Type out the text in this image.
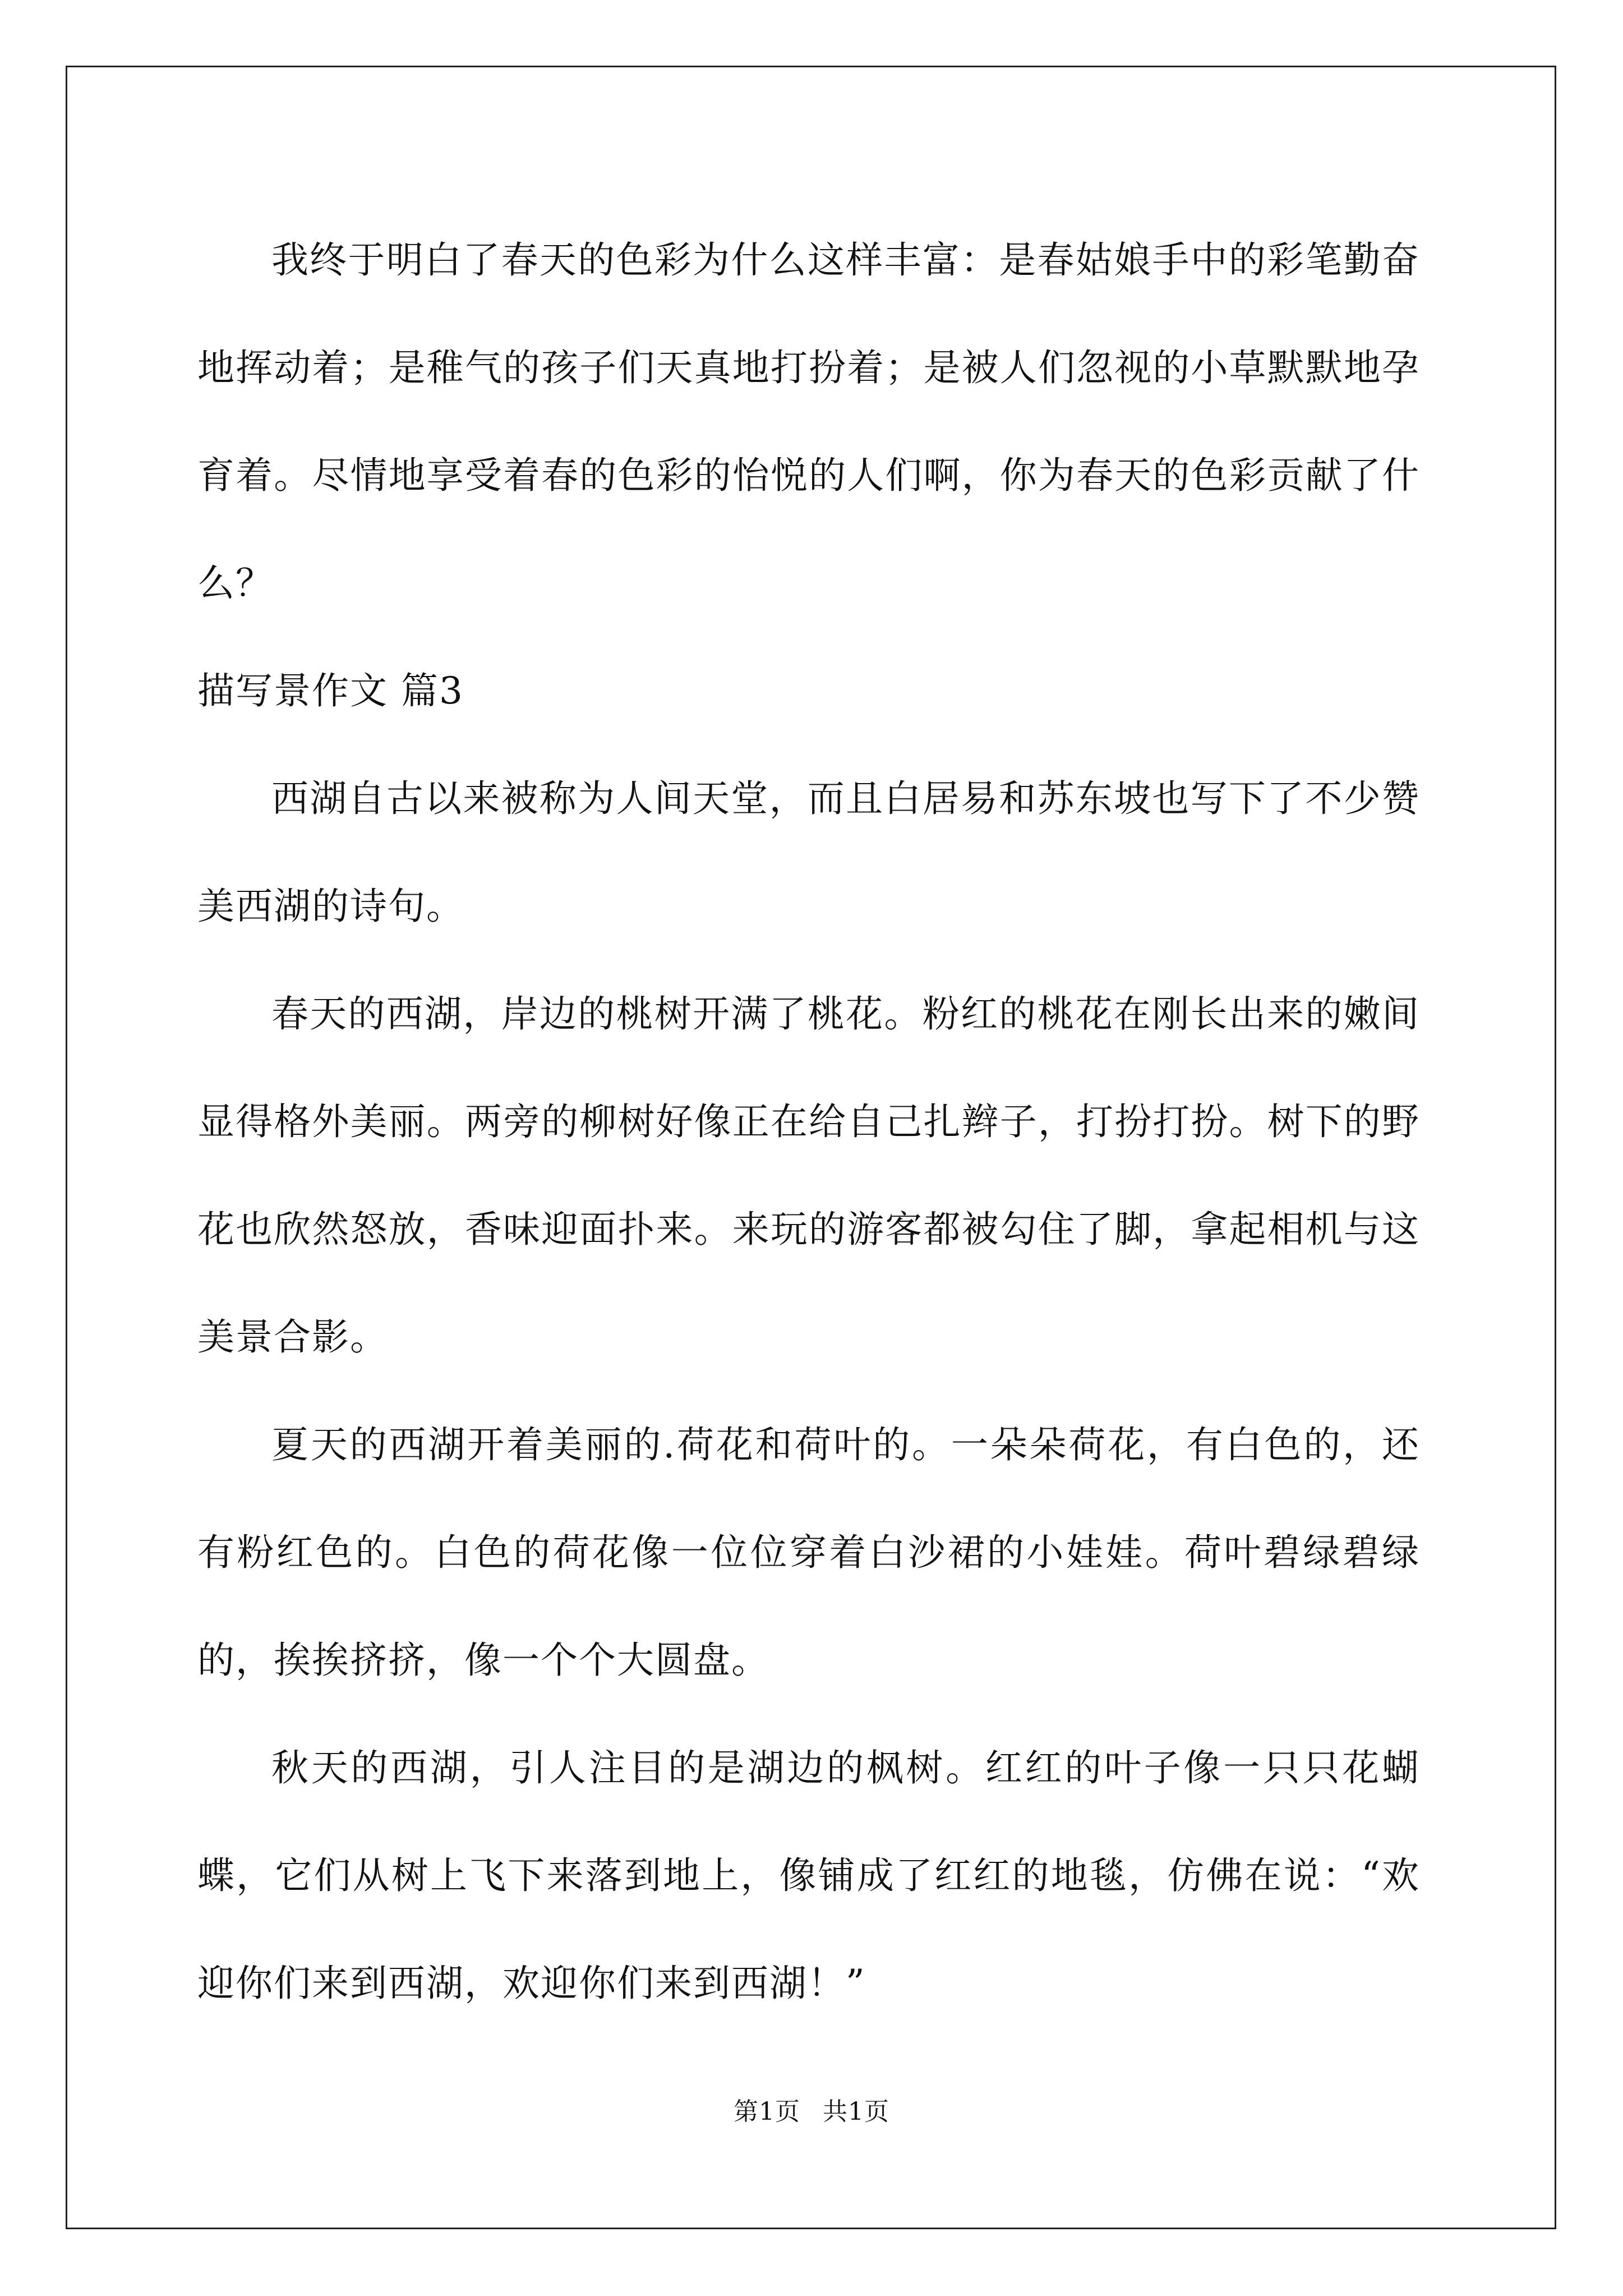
我终于明白了春天的色彩为什么这样丰富：是春姑娘手中的彩笔勤奋地挥动着；是稚气的孩子们天真地打扮着；是被人们忽视的小草默默地孕育着。尽情地享受着春的色彩的怡悦的人们啊，你为春天的色彩贡献了什么？

描写景作文 篇3

西湖自古以来被称为人间天堂，而且白居易和苏东坡也写下了不少赞美西湖的诗句。

春天的西湖，岸边的桃树开满了桃花。粉红的桃花在刚长出来的嫩间显得格外美丽。两旁的柳树好像正在给自己扎辫子，打扮打扮。树下的野花也欣然怒放，香味迎面扑来。来玩的游客都被勾住了脚，拿起相机与这美景合影。

夏天的西湖开着美丽的.荷花和荷叶的。一朵朵荷花，有白色的，还有粉红色的。白色的荷花像一位位穿着白沙裙的小娃娃。荷叶碧绿碧绿的，挨挨挤挤，像一个个大圆盘。

秋天的西湖，引人注目的是湖边的枫树。红红的叶子像一只只花蝴蝶，它们从树上飞下来落到地上，像铺成了红红的地毯，仿佛在说：“欢迎你们来到西湖，欢迎你们来到西湖！”

第1页 共1页
